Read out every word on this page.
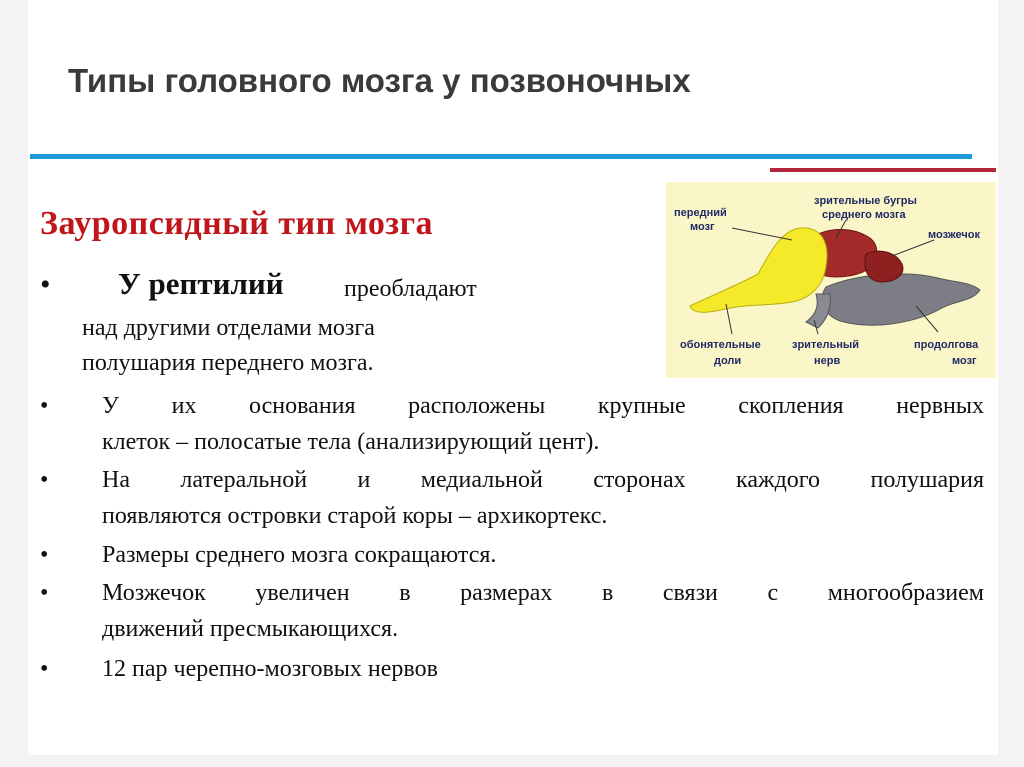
Типы головного мозга у позвоночных
Зауропсидный тип мозга
• У рептилий	преобладают
над другими отделами мозга
полушария переднего мозга.
• У их основания расположены крупные скопления нервных
клеток – полосатые тела (анализирующий цент).
• На латеральной и медиальной сторонах каждого полушария
появляются островки старой коры – архикортекс.
• Размеры среднего мозга сокращаются.
• Мозжечок увеличен в размерах в связи с многообразием
движений пресмыкающихся.
• 12 пар черепно-мозговых нервов
передний
мозг
зрительные бугры
среднего мозга
мозжечок
обонятельные
доли
зрительный
нерв
продолгова
мозг
